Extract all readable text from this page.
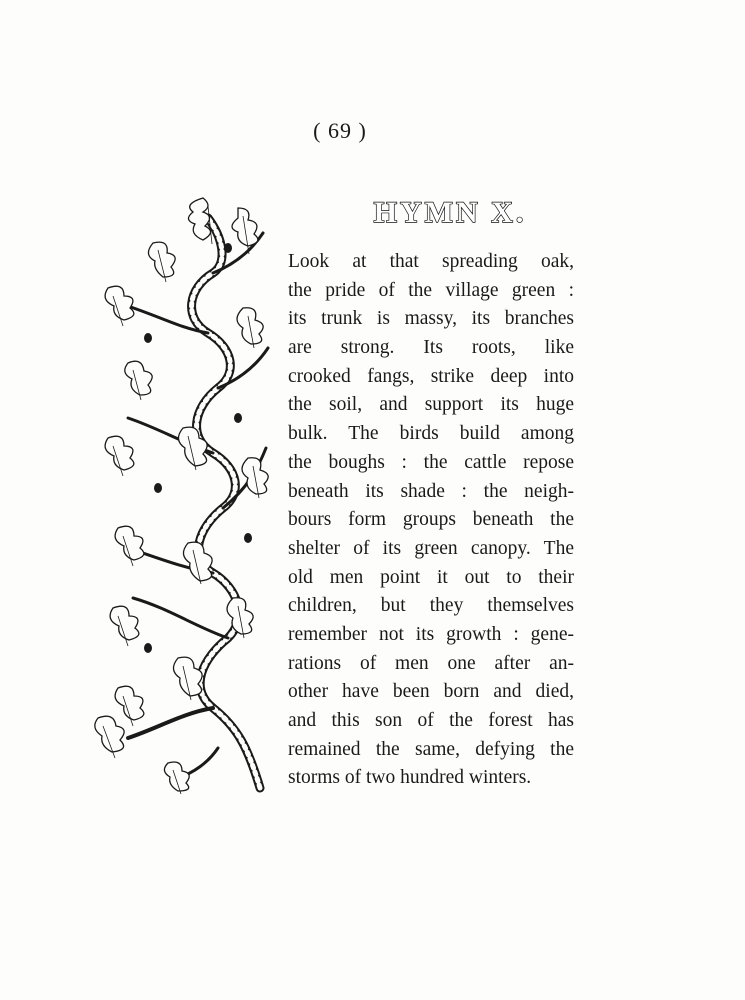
( 69 )
HYMN X.
Look at that spreading oak,
the pride of the village green :
its trunk is massy, its branches
are strong. Its roots, like
crooked fangs, strike deep into
the soil, and support its huge
bulk. The birds build among
the boughs : the cattle repose
beneath its shade : the neigh-
bours form groups beneath the
shelter of its green canopy. The
old men point it out to their
children, but they themselves
remember not its growth : gene-
rations of men one after an-
other have been born and died,
and this son of the forest has
remained the same, defying the
storms of two hundred winters.
